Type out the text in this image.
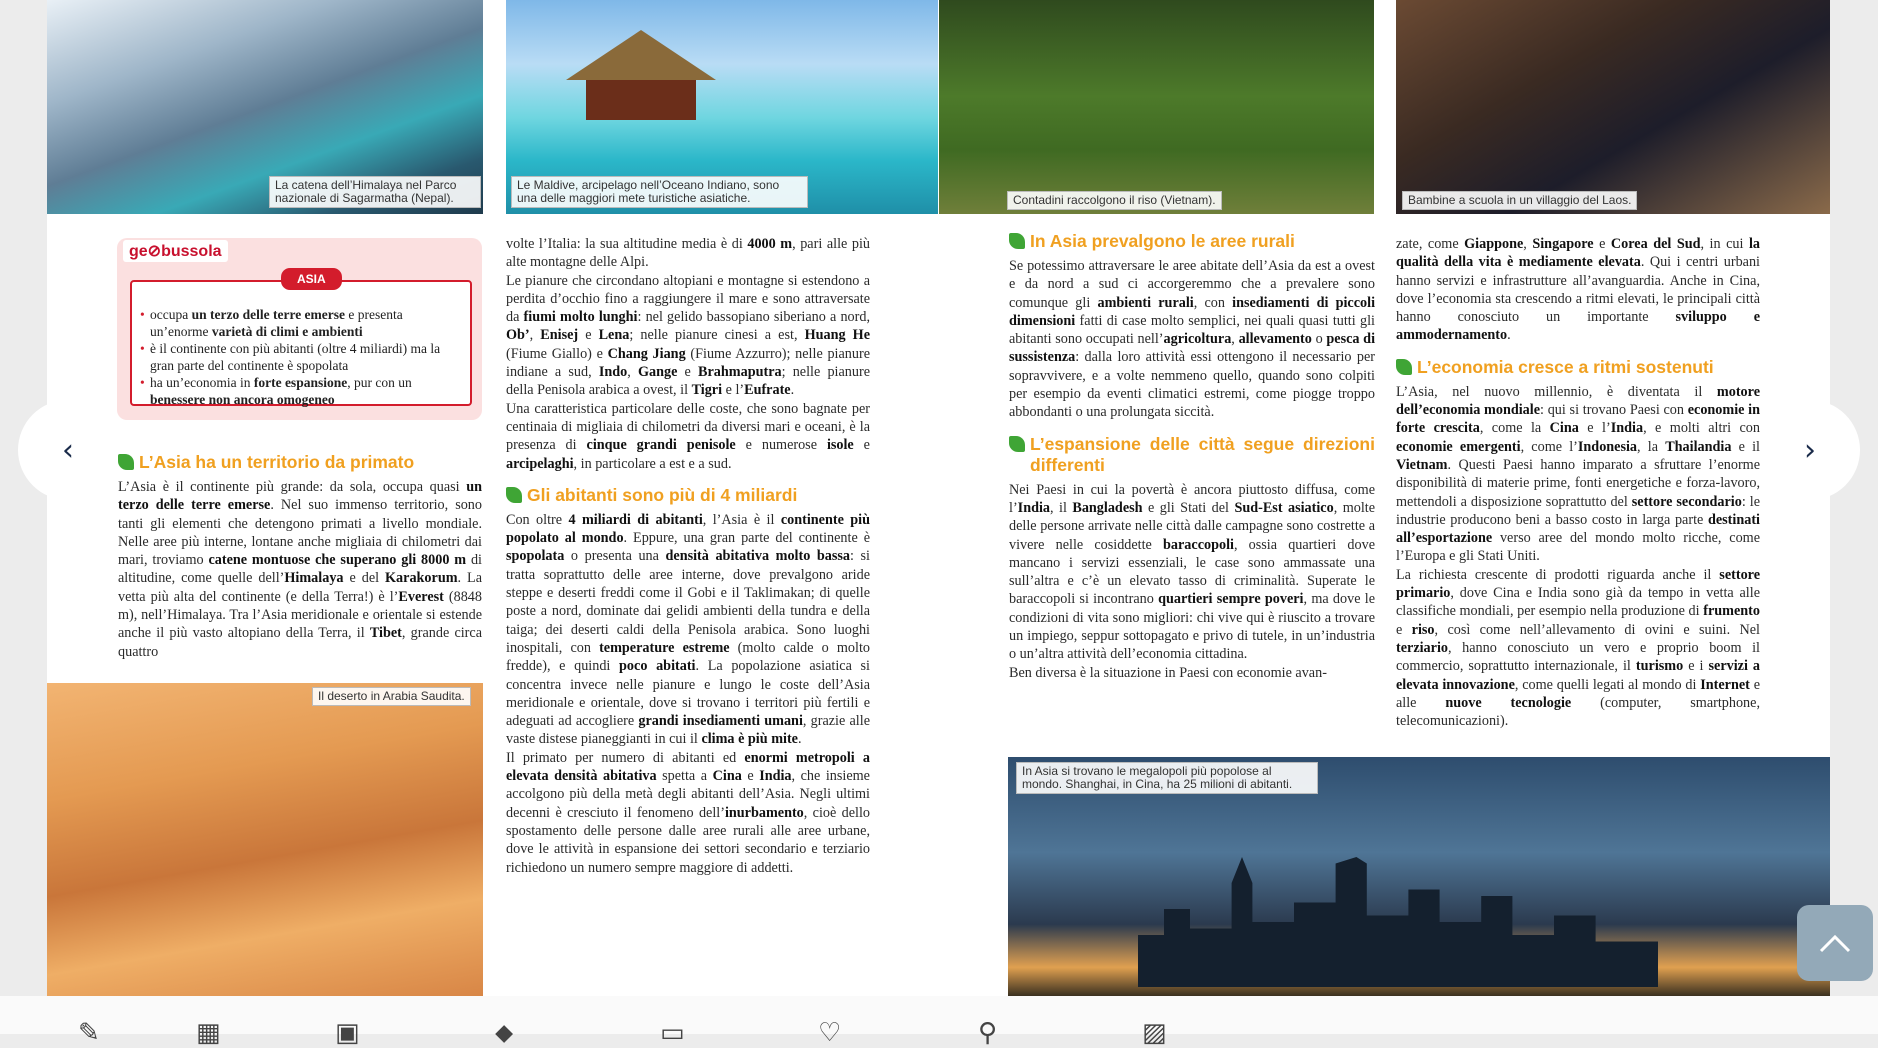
La catena dell’Himalaya nel Parco nazionale di Sagarmatha (Nepal).
Le Maldive, arcipelago nell’Oceano Indiano, sono una delle maggiori mete turistiche asiatiche.	Contadini raccolgono il riso (Vietnam).	Bambine a scuola in un villaggio del Laos.
ge⊘bussola
ASIA
• occupa un terzo delle terre emerse e presenta un’enorme varietà di climi e ambienti
• è il continente con più abitanti (oltre 4 miliardi) ma la gran parte del continente è spopolata
• ha un’economia in forte espansione, pur con un benessere non ancora omogeneo
L’Asia ha un territorio da primato

L’Asia è il continente più grande: da sola, occupa quasi un terzo delle terre emerse. Nel suo immenso territorio, sono tanti gli elementi che detengono primati a livello mondiale. Nelle aree più interne, lontane anche migliaia di chilometri dai mari, troviamo catene montuose che superano gli 8000 m di altitudine, come quelle dell’Himalaya e del Karakorum. La vetta più alta del continente (e della Terra!) è l’Everest (8848 m), nell’Himalaya. Tra l’Asia meridionale e orientale si estende anche il più vasto altopiano della Terra, il Tibet, grande circa quattro

Il deserto in Arabia Saudita.

volte l’Italia: la sua altitudine media è di 4000 m, pari alle più alte montagne delle Alpi.
Le pianure che circondano altopiani e montagne si estendono a perdita d’occhio fino a raggiungere il mare e sono attraversate da fiumi molto lunghi: nel gelido bassopiano siberiano a nord, Ob’, Enisej e Lena; nelle pianure cinesi a est, Huang He (Fiume Giallo) e Chang Jiang (Fiume Azzurro); nelle pianure indiane a sud, Indo, Gange e Brahmaputra; nelle pianure della Penisola arabica a ovest, il Tigri e l’Eufrate.
Una caratteristica particolare delle coste, che sono bagnate per centinaia di migliaia di chilometri da diversi mari e oceani, è la presenza di cinque grandi penisole e numerose isole e arcipelaghi, in particolare a est e a sud.

Gli abitanti sono più di 4 miliardi

Con oltre 4 miliardi di abitanti, l’Asia è il continente più popolato al mondo. Eppure, una gran parte del continente è spopolata o presenta una densità abitativa molto bassa: si tratta soprattutto delle aree interne, dove prevalgono aride steppe e deserti freddi come il Gobi e il Taklimakan; di quelle poste a nord, dominate dai gelidi ambienti della tundra e della taiga; dei deserti caldi della Penisola arabica. Sono luoghi inospitali, con temperature estreme (molto calde o molto fredde), e quindi poco abitati. La popolazione asiatica si concentra invece nelle pianure e lungo le coste dell’Asia meridionale e orientale, dove si trovano i territori più fertili e adeguati ad accogliere grandi insediamenti umani, grazie alle vaste distese pianeggianti in cui il clima è più mite.
Il primato per numero di abitanti ed enormi metropoli a elevata densità abitativa spetta a Cina e India, che insieme accolgono più della metà degli abitanti dell’Asia. Negli ultimi decenni è cresciuto il fenomeno dell’inurbamento, cioè dello spostamento delle persone dalle aree rurali alle aree urbane, dove le attività in espansione dei settori secondario e terziario richiedono un numero sempre maggiore di addetti.

In Asia prevalgono le aree rurali

Se potessimo attraversare le aree abitate dell’Asia da est a ovest e da nord a sud ci accorgeremmo che a prevalere sono comunque gli ambienti rurali, con insediamenti di piccoli dimensioni fatti di case molto semplici, nei quali quasi tutti gli abitanti sono occupati nell’agricoltura, allevamento o pesca di sussistenza: dalla loro attività essi ottengono il necessario per sopravvivere, e a volte nemmeno quello, quando sono colpiti per esempio da eventi climatici estremi, come piogge troppo abbondanti o una prolungata siccità.

L’espansione delle città segue direzioni differenti

Nei Paesi in cui la povertà è ancora piuttosto diffusa, come l’India, il Bangladesh e gli Stati del Sud-Est asiatico, molte delle persone arrivate nelle città dalle campagne sono costrette a vivere nelle cosiddette baraccopoli, ossia quartieri dove mancano i servizi essenziali, le case sono ammassate una sull’altra e c’è un elevato tasso di criminalità. Superate le baraccopoli si incontrano quartieri sempre poveri, ma dove le condizioni di vita sono migliori: chi vive qui è riuscito a trovare un impiego, seppur sottopagato e privo di tutele, in un’industria o un’altra attività dell’economia cittadina.
Ben diversa è la situazione in Paesi con economie avan-

zate, come Giappone, Singapore e Corea del Sud, in cui la qualità della vita è mediamente elevata. Qui i centri urbani hanno servizi e infrastrutture all’avanguardia. Anche in Cina, dove l’economia sta crescendo a ritmi elevati, le principali città hanno conosciuto un importante sviluppo e ammodernamento.

L’economia cresce a ritmi sostenuti

L’Asia, nel nuovo millennio, è diventata il motore dell’economia mondiale: qui si trovano Paesi con economie in forte crescita, come la Cina e l’India, e molti altri con economie emergenti, come l’Indonesia, la Thailandia e il Vietnam. Questi Paesi hanno imparato a sfruttare l’enorme disponibilità di materie prime, fonti energetiche e forza-lavoro, mettendoli a disposizione soprattutto del settore secondario: le industrie producono beni a basso costo in larga parte destinati all’esportazione verso aree del mondo molto ricche, come l’Europa e gli Stati Uniti.
La richiesta crescente di prodotti riguarda anche il settore primario, dove Cina e India sono già da tempo in vetta alle classifiche mondiali, per esempio nella produzione di frumento e riso, così come nell’allevamento di ovini e suini. Nel terziario, hanno conosciuto un vero e proprio boom il commercio, soprattutto internazionale, il turismo e i servizi a elevata innovazione, come quelli legati al mondo di Internet e alle nuove tecnologie (computer, smartphone, telecomunicazioni).

In Asia si trovano le megalopoli più popolose al mondo. Shanghai, in Cina, ha 25 milioni di abitanti.
‹	›
✎	▦	▣	⬥	▭	♡	⚲	▨
